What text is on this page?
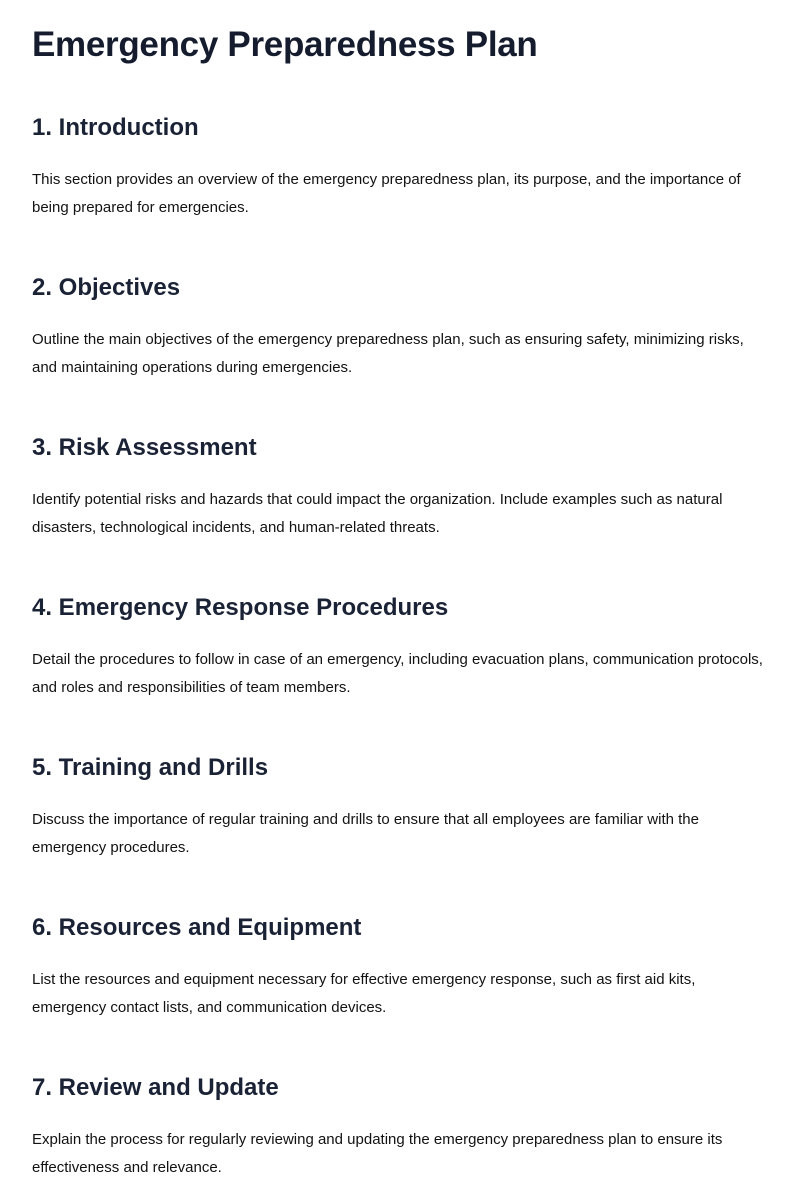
Emergency Preparedness Plan
1. Introduction

This section provides an overview of the emergency preparedness plan, its purpose, and the importance of being prepared for emergencies.

2. Objectives

Outline the main objectives of the emergency preparedness plan, such as ensuring safety, minimizing risks, and maintaining operations during emergencies.

3. Risk Assessment

Identify potential risks and hazards that could impact the organization. Include examples such as natural disasters, technological incidents, and human-related threats.

4. Emergency Response Procedures

Detail the procedures to follow in case of an emergency, including evacuation plans, communication protocols, and roles and responsibilities of team members.

5. Training and Drills

Discuss the importance of regular training and drills to ensure that all employees are familiar with the emergency procedures.

6. Resources and Equipment

List the resources and equipment necessary for effective emergency response, such as first aid kits, emergency contact lists, and communication devices.

7. Review and Update

Explain the process for regularly reviewing and updating the emergency preparedness plan to ensure its effectiveness and relevance.
